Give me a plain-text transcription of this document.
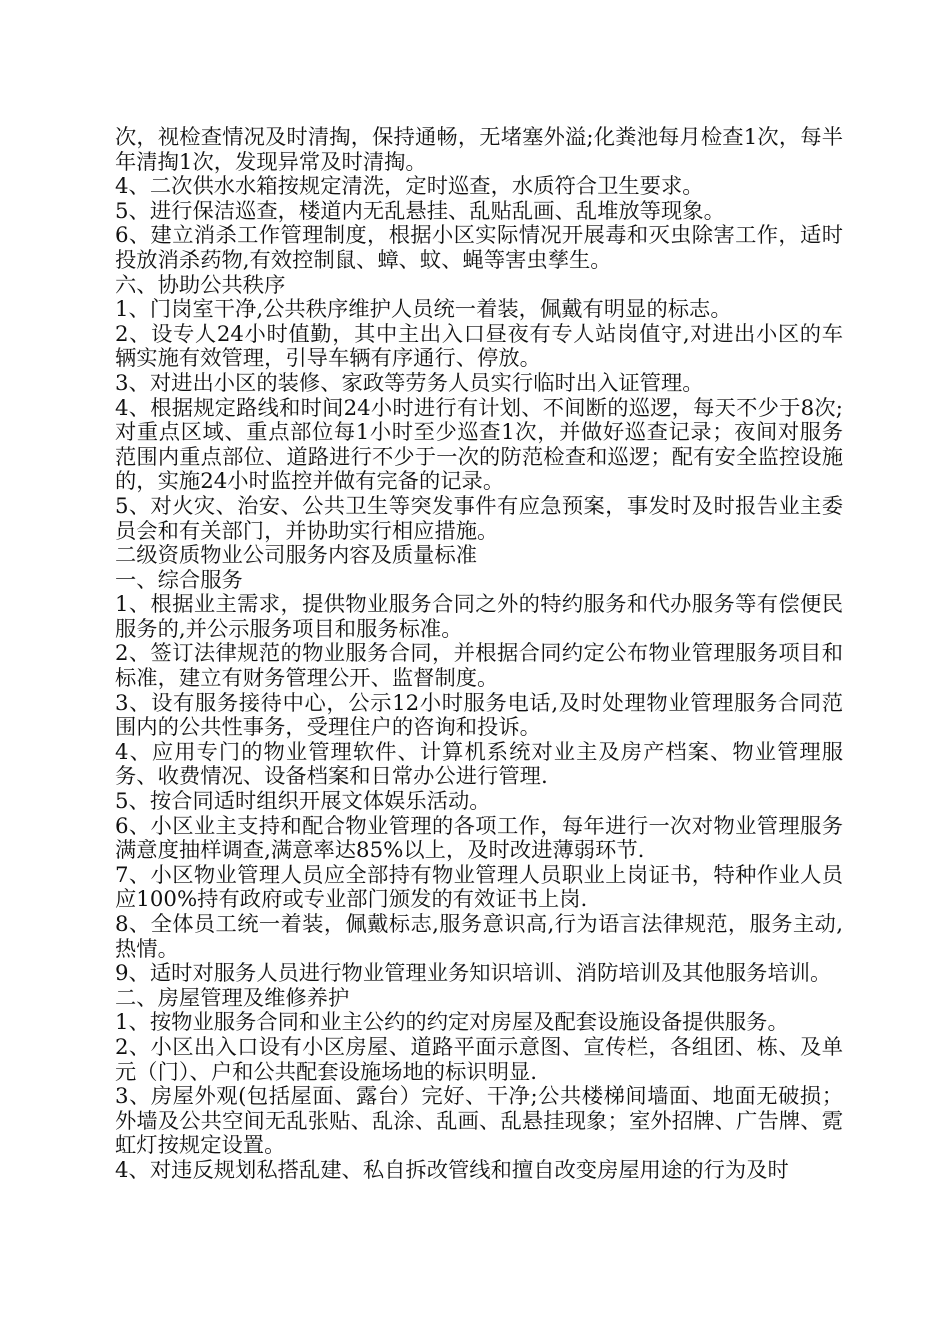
次，视检查情况及时清掏，保持通畅，无堵塞外溢;化粪池每月检查1次，每半年清掏1次，发现异常及时清掏。

4、二次供水水箱按规定清洗，定时巡查，水质符合卫生要求。

5、进行保洁巡查，楼道内无乱悬挂、乱贴乱画、乱堆放等现象。

6、建立消杀工作管理制度，根据小区实际情况开展毒和灭虫除害工作，适时投放消杀药物,有效控制鼠、蟑、蚊、蝇等害虫孳生。

六、协助公共秩序

1、门岗室干净,公共秩序维护人员统一着装，佩戴有明显的标志。

2、设专人24小时值勤，其中主出入口昼夜有专人站岗值守,对进出小区的车辆实施有效管理，引导车辆有序通行、停放。

3、对进出小区的装修、家政等劳务人员实行临时出入证管理。

4、根据规定路线和时间24小时进行有计划、不间断的巡逻，每天不少于8次;对重点区域、重点部位每1小时至少巡查1次，并做好巡查记录；夜间对服务范围内重点部位、道路进行不少于一次的防范检查和巡逻；配有安全监控设施的，实施24小时监控并做有完备的记录。

5、对火灾、治安、公共卫生等突发事件有应急预案，事发时及时报告业主委员会和有关部门，并协助实行相应措施。

二级资质物业公司服务内容及质量标准

一、综合服务

1、根据业主需求，提供物业服务合同之外的特约服务和代办服务等有偿便民服务的,并公示服务项目和服务标准。

2、签订法律规范的物业服务合同，并根据合同约定公布物业管理服务项目和标准，建立有财务管理公开、监督制度。

3、设有服务接待中心，公示12小时服务电话,及时处理物业管理服务合同范围内的公共性事务，受理住户的咨询和投诉。

4、应用专门的物业管理软件、计算机系统对业主及房产档案、物业管理服务、收费情况、设备档案和日常办公进行管理.

5、按合同适时组织开展文体娱乐活动。

6、小区业主支持和配合物业管理的各项工作，每年进行一次对物业管理服务满意度抽样调查,满意率达85%以上，及时改进薄弱环节.

7、小区物业管理人员应全部持有物业管理人员职业上岗证书，特种作业人员应100%持有政府或专业部门颁发的有效证书上岗.

8、全体员工统一着装，佩戴标志,服务意识高,行为语言法律规范，服务主动,热情。

9、适时对服务人员进行物业管理业务知识培训、消防培训及其他服务培训。

二、房屋管理及维修养护

1、按物业服务合同和业主公约的约定对房屋及配套设施设备提供服务。

2、小区出入口设有小区房屋、道路平面示意图、宣传栏，各组团、栋、及单元（门）、户和公共配套设施场地的标识明显.

3、房屋外观(包括屋面、露台）完好、干净;公共楼梯间墙面、地面无破损；外墙及公共空间无乱张贴、乱涂、乱画、乱悬挂现象；室外招牌、广告牌、霓虹灯按规定设置。

4、对违反规划私搭乱建、私自拆改管线和擅自改变房屋用途的行为及时
